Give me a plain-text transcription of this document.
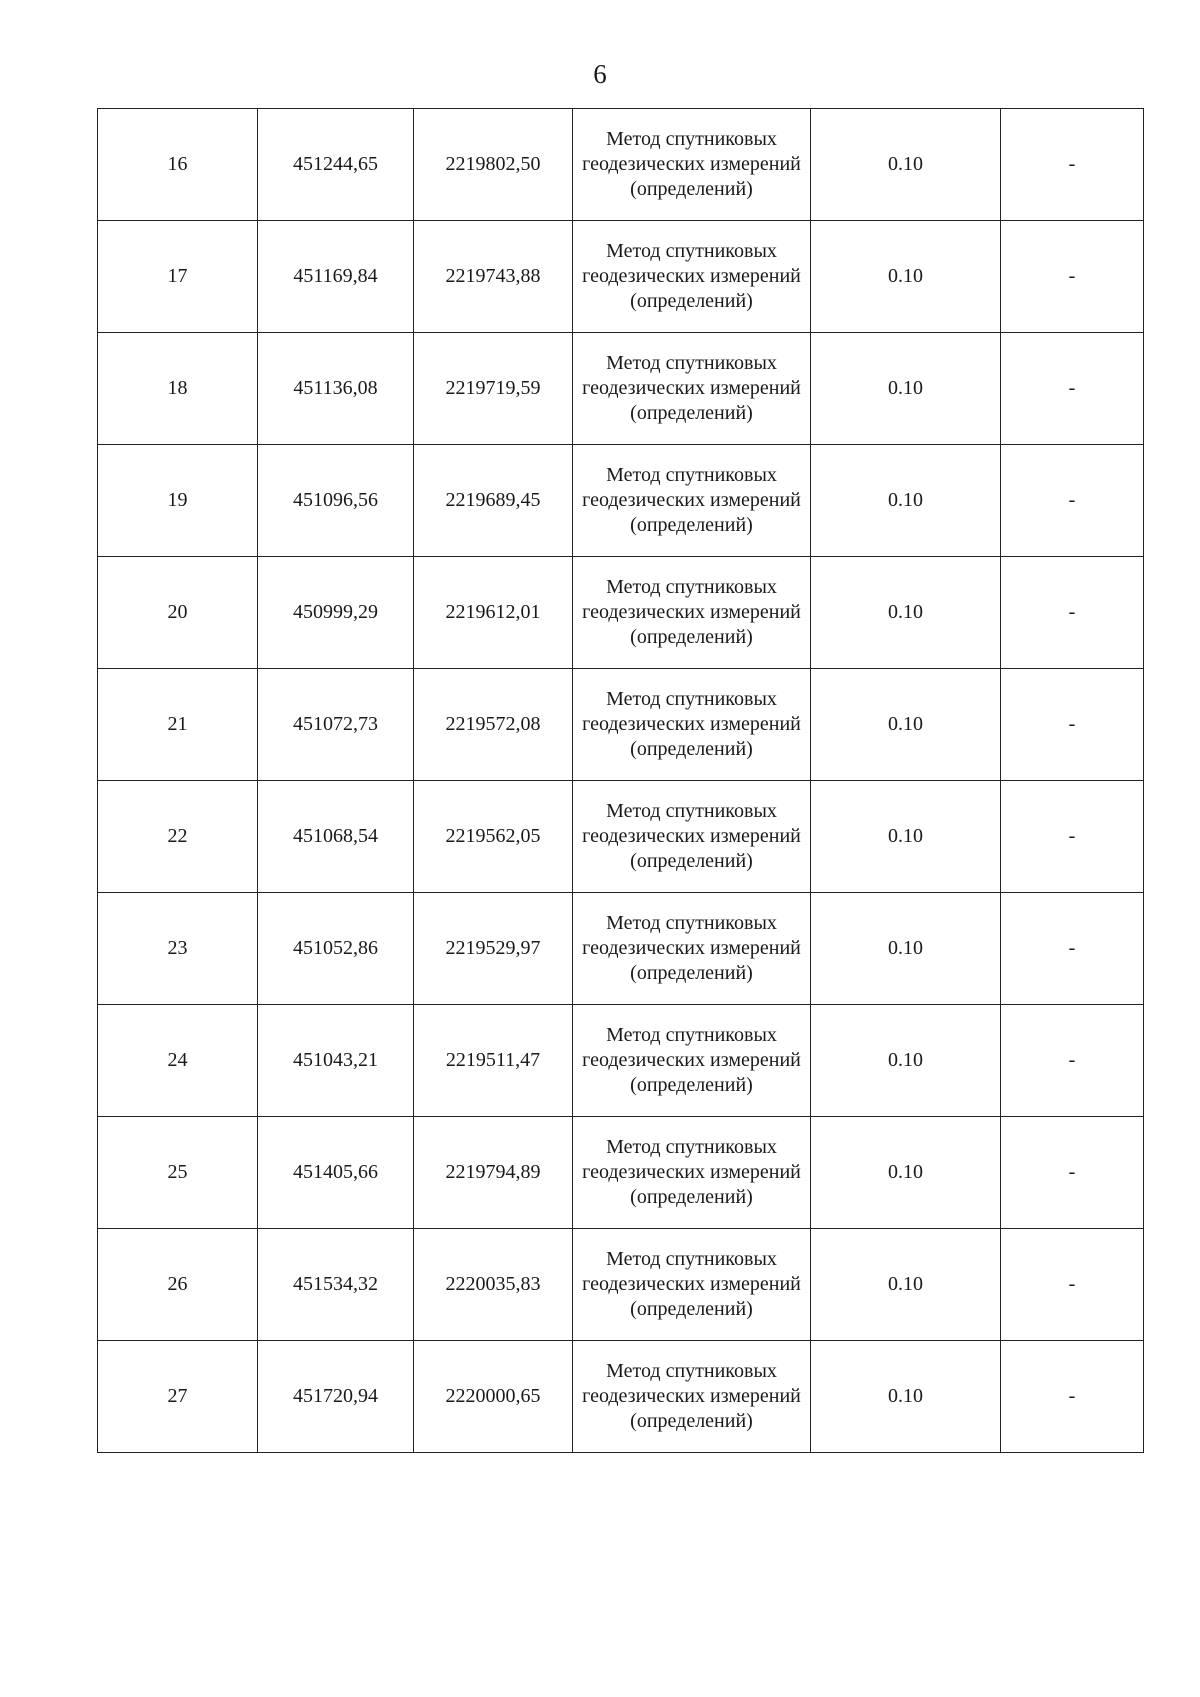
6
16	451244,65	2219802,50	Метод спутниковых геодезических измерений (определений)	0.10	-
17	451169,84	2219743,88	Метод спутниковых геодезических измерений (определений)	0.10	-
18	451136,08	2219719,59	Метод спутниковых геодезических измерений (определений)	0.10	-
19	451096,56	2219689,45	Метод спутниковых геодезических измерений (определений)	0.10	-
20	450999,29	2219612,01	Метод спутниковых геодезических измерений (определений)	0.10	-
21	451072,73	2219572,08	Метод спутниковых геодезических измерений (определений)	0.10	-
22	451068,54	2219562,05	Метод спутниковых геодезических измерений (определений)	0.10	-
23	451052,86	2219529,97	Метод спутниковых геодезических измерений (определений)	0.10	-
24	451043,21	2219511,47	Метод спутниковых геодезических измерений (определений)	0.10	-
25	451405,66	2219794,89	Метод спутниковых геодезических измерений (определений)	0.10	-
26	451534,32	2220035,83	Метод спутниковых геодезических измерений (определений)	0.10	-
27	451720,94	2220000,65	Метод спутниковых геодезических измерений (определений)	0.10	-
